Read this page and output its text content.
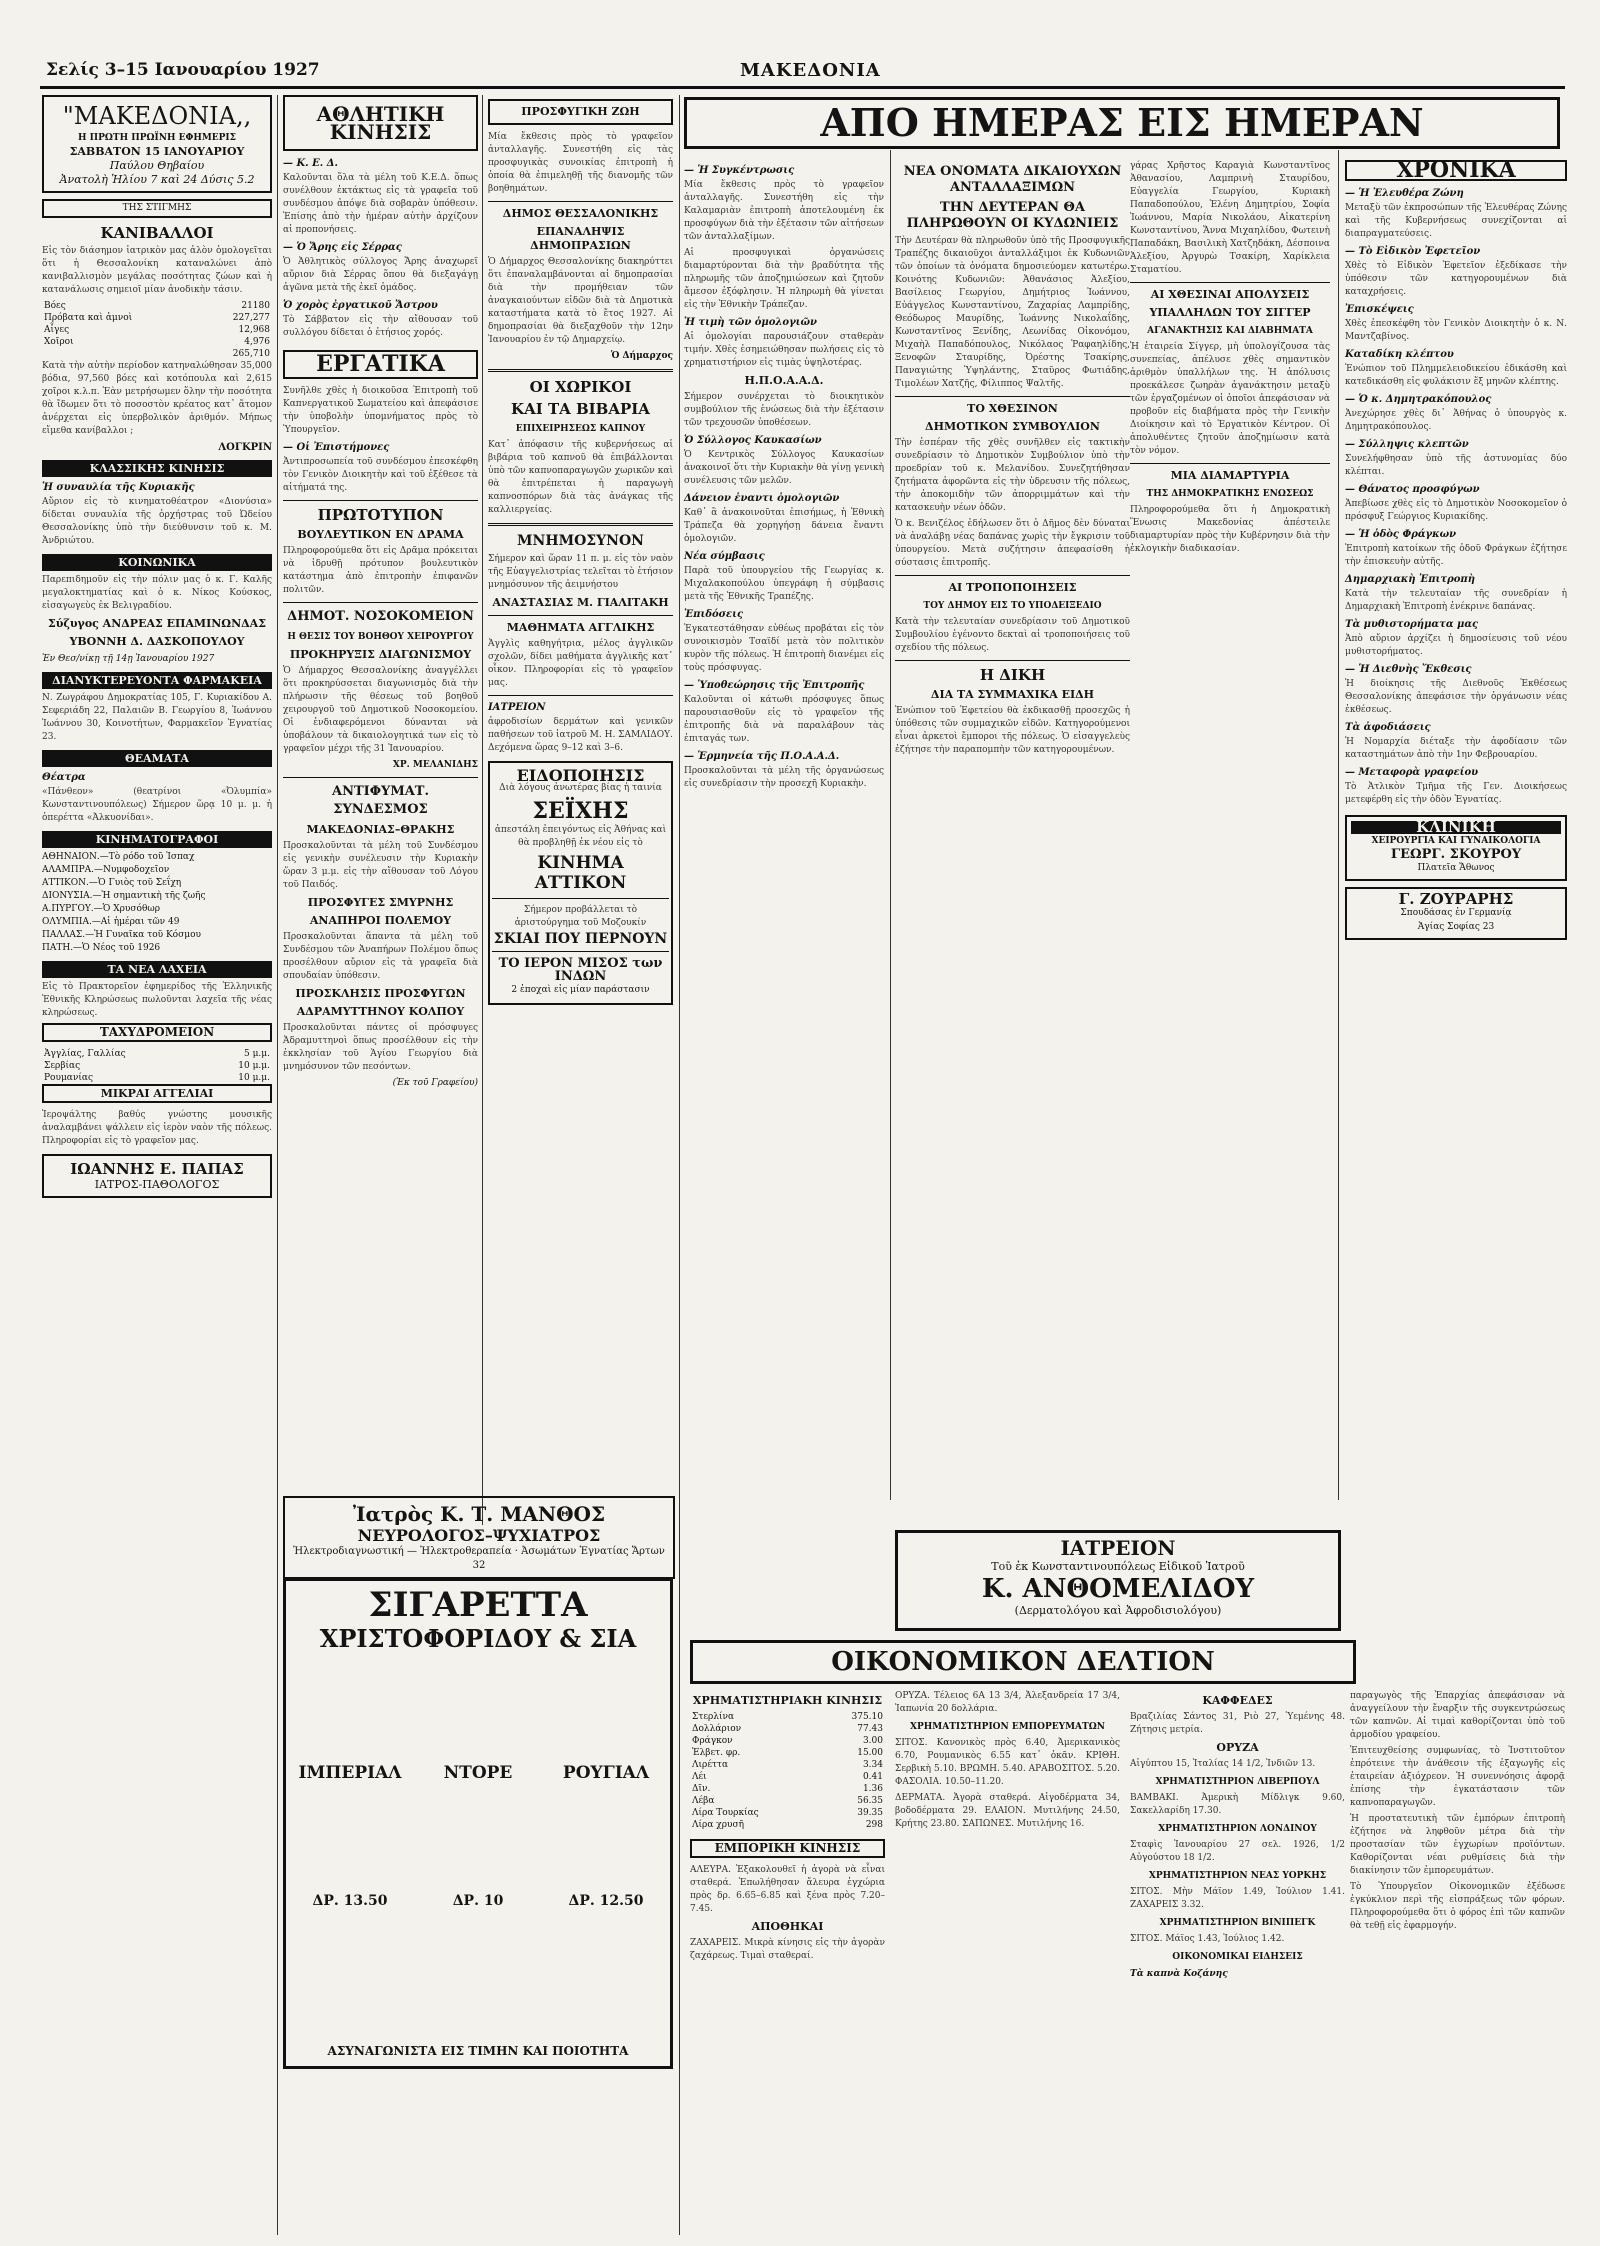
Σελίς 3–15 Ιανουαρίου 1927	ΜΑΚΕΔΟΝΙΑ
"ΜΑΚΕΔΟΝΙΑ,,
Η ΠΡΩΤΗ ΠΡΩΪΝΗ ΕΦΗΜΕΡΙΣ
ΣΑΒΒΑΤΟΝ 15 ΙΑΝΟΥΑΡΙΟΥ
Παύλου Θηβαίου
Ἀνατολὴ Ἡλίου 7 καὶ 24 Δύσις 5.2
ΤΗΣ ΣΤΙΓΜΗΣ
ΚΑΝΙΒΑΛΛΟΙ

Εἰς τὸν διάσημον ἰατρικὸν μας ἀλὸν ὁμολογεῖται ὅτι ἡ Θεσσαλονίκη καταναλώνει ἀπὸ κανιβαλλισμὸν μεγάλας ποσότητας ζώων καὶ ἡ κατανάλωσις σημειοῖ μίαν ἀνοδικὴν τάσιν.

Βόες	21180
Πρόβατα καὶ ἀμνοὶ	227,277
Αἶγες	12,968
Χοῖροι	4,976
	265,710

Κατὰ τὴν αὐτὴν περίοδον κατηναλώθησαν 35,000 βόδια, 97,560 βόες καὶ κοτόπουλα καὶ 2,615 χοῖροι κ.λ.π. Ἐὰν μετρήσωμεν ὅλην τὴν ποσότητα θὰ ἴδωμεν ὅτι τὸ ποσοστὸν κρέατος κατ᾽ ἄτομον ἀνέρχεται εἰς ὑπερβολικὸν ἀριθμόν. Μήπως εἴμεθα κανίβαλλοι ;

ΛΟΓΚΡΙΝ
ΚΛΑΣΣΙΚΗΣ ΚΙΝΗΣΙΣ
Ἡ συναυλία τῆς Κυριακῆς

Αὔριον εἰς τὸ κινηματοθέατρον «Διονύσια» δίδεται συναυλία τῆς ὀρχήστρας τοῦ Ὠδείου Θεσσαλονίκης ὑπὸ τὴν διεύθυνσιν τοῦ κ. Μ. Ἀνδριώτου.

ΚΟΙΝΩΝΙΚΑ

Παρεπιδημοῦν εἰς τὴν πόλιν μας ὁ κ. Γ. Καλῆς μεγαλοκτηματίας καὶ ὁ κ. Νίκος Κούσκος, εἰσαγωγεὺς ἐκ Βελιγραδίου.

Σύζυγος ΑΝΔΡΕΑΣ ΕΠΑΜΙΝΩΝΔΑΣ
ΥΒΟΝΝΗ Δ. ΔΑΣΚΟΠΟΥΛΟΥ
Ἐν Θεσ/νίκῃ τῇ 14ῃ Ἰανουαρίου 1927
ΔΙΑΝΥΚΤΕΡΕΥΟΝΤΑ ΦΑΡΜΑΚΕΙΑ

Ν. Ζωγράφου Δημοκρατίας 105, Γ. Κυριακίδου Α. Σεφεριάδη 22, Παλαιῶν Β. Γεωργίου 8, Ἰωάννου Ἰωάννου 30, Κοινοτήτων, Φαρμακεῖον Ἐγνατίας 23.

ΘΕΑΜΑΤΑ
Θέατρα

«Πάνθεον» (θεατρίνοι «Ὀλυμπία» Κωνσταντινουπόλεως) Σήμερον ὥρᾳ 10 μ. μ. ἡ ὀπερέττα «Ἀλκυονίδαι».

ΚΙΝΗΜΑΤΟΓΡΑΦΟΙ
ΑΘΗΝΑΙΟΝ.—Τὸ ρόδο τοῦ Ἰσπαχ
ΑΛΑΜΠΡΑ.—Νυμφοδοχεῖον
ΑΤΤΙΚΟΝ.—Ὁ Γυιὸς τοῦ Σεΐχη
ΔΙΟΝΥΣΙΑ.—Ἡ σημαντικὴ τῆς ζωῆς
Α.ΠΥΡΓΟΥ.—Ὁ Χρυσόθωρ
ΟΛΥΜΠΙΑ.—Αἱ ἡμέραι τῶν 49
ΠΑΛΛΑΣ.—Ἡ Γυναῖκα τοῦ Κόσμου
ΠΑΤΗ.—Ὁ Νέος τοῦ 1926
ΤΑ ΝΕΑ ΛΑΧΕΙΑ

Εἰς τὸ Πρακτορεῖον ἐφημερίδος τῆς Ἑλληνικῆς Ἐθνικῆς Κληρώσεως πωλοῦνται λαχεῖα τῆς νέας κληρώσεως.

ΤΑΧΥΔΡΟΜΕΙΟΝ
Ἀγγλίας, Γαλλίας	5 μ.μ.
Σερβίας	10 μ.μ.
Ρουμανίας	10 μ.μ.
ΜΙΚΡΑΙ ΑΓΓΕΛΙΑΙ

Ἱεροψάλτης βαθύς γνώστης μουσικῆς ἀναλαμβάνει ψάλλειν εἰς ἱερὸν ναὸν τῆς πόλεως. Πληροφορίαι εἰς τὸ γραφεῖον μας.

ΙΩΑΝΝΗΣ Ε. ΠΑΠΑΣ
ΙΑΤΡΟΣ-ΠΑΘΟΛΟΓΟΣ
ΑΘΛΗΤΙΚΗ ΚΙΝΗΣΙΣ
— Κ. Ε. Δ.

Καλοῦνται ὅλα τὰ μέλη τοῦ Κ.Ε.Δ. ὅπως συνέλθουν ἐκτάκτως εἰς τὰ γραφεῖα τοῦ συνδέσμου ἀπόψε διὰ σοβαρὰν ὑπόθεσιν. Ἐπίσης ἀπὸ τὴν ἡμέραν αὐτὴν ἀρχίζουν αἱ προπονήσεις.

— Ὁ Ἄρης εἰς Σέρρας

Ὁ Ἀθλητικὸς σύλλογος Ἄρης ἀναχωρεῖ αὔριον διὰ Σέρρας ὅπου θὰ διεξαγάγῃ ἀγῶνα μετὰ τῆς ἐκεῖ ὁμάδος.

Ὁ χορὸς ἐργατικοῦ Ἄστρου

Τὸ Σάββατον εἰς τὴν αἴθουσαν τοῦ συλλόγου δίδεται ὁ ἐτήσιος χορός.

ΕΡΓΑΤΙΚΑ

Συνῆλθε χθὲς ἡ διοικοῦσα Ἐπιτροπὴ τοῦ Καπνεργατικοῦ Σωματείου καὶ ἀπεφάσισε τὴν ὑποβολὴν ὑπομνήματος πρὸς τὸ Ὑπουργεῖον.

— Οἱ Ἐπιστήμονες

Ἀντιπροσωπεία τοῦ συνδέσμου ἐπεσκέφθη τὸν Γενικὸν Διοικητὴν καὶ τοῦ ἐξέθεσε τὰ αἰτήματά της.

ΠΡΩΤΟΤΥΠΟΝ
ΒΟΥΛΕΥΤΙΚΟΝ ΕΝ ΔΡΑΜΑ

Πληροφορούμεθα ὅτι εἰς Δρᾶμα πρόκειται νὰ ἱδρυθῇ πρότυπον βουλευτικὸν κατάστημα ἀπὸ ἐπιτροπὴν ἐπιφανῶν πολιτῶν.

ΔΗΜΟΤ. ΝΟΣΟΚΟΜΕΙΟΝ
Η ΘΕΣΙΣ ΤΟΥ ΒΟΗΘΟΥ ΧΕΙΡΟΥΡΓΟΥ
ΠΡΟΚΗΡΥΞΙΣ ΔΙΑΓΩΝΙΣΜΟΥ

Ὁ Δήμαρχος Θεσσαλονίκης ἀναγγέλλει ὅτι προκηρύσσεται διαγωνισμὸς διὰ τὴν πλήρωσιν τῆς θέσεως τοῦ βοηθοῦ χειρουργοῦ τοῦ Δημοτικοῦ Νοσοκομείου. Οἱ ἐνδιαφερόμενοι δύνανται νὰ ὑποβάλουν τὰ δικαιολογητικά των εἰς τὸ γραφεῖον μέχρι τῆς 31 Ἰανουαρίου.

ΧΡ. ΜΕΛΑΝΙΔΗΣ
ΑΝΤΙΦΥΜΑΤ. ΣΥΝΔΕΣΜΟΣ
ΜΑΚΕΔΟΝΙΑΣ–ΘΡΑΚΗΣ

Προσκαλοῦνται τὰ μέλη τοῦ Συνδέσμου εἰς γενικὴν συνέλευσιν τὴν Κυριακὴν ὥραν 3 μ.μ. εἰς τὴν αἴθουσαν τοῦ Λόγου τοῦ Παιδός.

ΠΡΟΣΦΥΓΕΣ ΣΜΥΡΝΗΣ
ΑΝΑΠΗΡΟΙ ΠΟΛΕΜΟΥ

Προσκαλοῦνται ἅπαντα τὰ μέλη τοῦ Συνδέσμου τῶν Ἀναπήρων Πολέμου ὅπως προσέλθουν αὔριον εἰς τὰ γραφεῖα διὰ σπουδαίαν ὑπόθεσιν.

ΠΡΟΣΚΛΗΣΙΣ ΠΡΟΣΦΥΓΩΝ
ΑΔΡΑΜΥΤΤΗΝΟΥ ΚΟΛΠΟΥ

Προσκαλοῦνται πάντες οἱ πρόσφυγες Ἀδραμυττηνοὶ ὅπως προσέλθουν εἰς τὴν ἐκκλησίαν τοῦ Ἁγίου Γεωργίου διὰ μνημόσυνον τῶν πεσόντων.

(Ἐκ τοῦ Γραφείου)
ΠΡΟΣΦΥΓΙΚΗ ΖΩΗ

Μία ἔκθεσις πρὸς τὸ γραφεῖον ἀνταλλαγῆς. Συνεστήθη εἰς τὰς προσφυγικὰς συνοικίας ἐπιτροπὴ ἡ ὁποία θὰ ἐπιμεληθῇ τῆς διανομῆς τῶν βοηθημάτων.

ΔΗΜΟΣ ΘΕΣΣΑΛΟΝΙΚΗΣ
ΕΠΑΝΑΛΗΨΙΣ ΔΗΜΟΠΡΑΣΙΩΝ

Ὁ Δήμαρχος Θεσσαλονίκης διακηρύττει ὅτι ἐπαναλαμβάνονται αἱ δημοπρασίαι διὰ τὴν προμήθειαν τῶν ἀναγκαιούντων εἰδῶν διὰ τὰ Δημοτικὰ καταστήματα κατὰ τὸ ἔτος 1927. Αἱ δημοπρασίαι θὰ διεξαχθοῦν τὴν 12ην Ἰανουαρίου ἐν τῷ Δημαρχείῳ.

Ὁ Δήμαρχος
ΟΙ ΧΩΡΙΚΟΙ
ΚΑΙ ΤΑ ΒΙΒΑΡΙΑ
ΕΠΙΧΕΙΡΗΣΕΩΣ ΚΑΠΝΟΥ

Κατ᾽ ἀπόφασιν τῆς κυβερνήσεως αἱ βιβάρια τοῦ καπνοῦ θὰ ἐπιβάλλονται ὑπὸ τῶν καπνοπαραγωγῶν χωρικῶν καὶ θὰ ἐπιτρέπεται ἡ παραγωγὴ καπνοσπόρων διὰ τὰς ἀνάγκας τῆς καλλιεργείας.

ΜΝΗΜΟΣΥΝΟΝ

Σήμερον καὶ ὥραν 11 π. μ. εἰς τὸν ναὸν τῆς Εὐαγγελιστρίας τελεῖται τὸ ἐτήσιον μνημόσυνον τῆς ἀειμνήστου

ΑΝΑΣΤΑΣΙΑΣ Μ. ΓΙΑΛΙΤΑΚΗ
ΜΑΘΗΜΑΤΑ ΑΓΓΛΙΚΗΣ

Ἀγγλὶς καθηγήτρια, μέλος ἀγγλικῶν σχολῶν, δίδει μαθήματα ἀγγλικῆς κατ᾽ οἶκον. Πληροφορίαι εἰς τὸ γραφεῖον μας.

ΙΑΤΡΕΙΟΝ

ἀφροδισίων δερμάτων καὶ γενικῶν παθήσεων τοῦ ἰατροῦ Μ. Η. ΣΑΜΛΙΔΟΥ. Δεχόμενα ὥρας 9–12 καὶ 3–6.

ΕΙΔΟΠΟΙΗΣΙΣ

Διὰ λόγους ἀνωτέρας βίας ἡ ταινία

ΣΕΪΧΗΣ

ἀπεστάλη ἐπειγόντως εἰς Ἀθήνας καὶ θὰ προβληθῇ ἐκ νέου εἰς τὸ

ΚΙΝΗΜΑ ΑΤΤΙΚΟΝ

Σήμερον προβάλλεται τὸ ἀριστούργημα τοῦ Μοζουκίν

ΣΚΙΑΙ ΠΟΥ ΠΕΡΝΟΥΝ
ΤΟ ΙΕΡΟΝ ΜΙΣΟΣ των ΙΝΔΩΝ
2 ἐποχαὶ εἰς μίαν παράστασιν
Ἰατρὸς Κ. Τ. ΜΑΝΘΟΣ
ΝΕΥΡΟΛΟΓΟΣ–ΨΥΧΙΑΤΡΟΣ
Ἠλεκτροδιαγνωστική — Ἠλεκτροθεραπεία · Ἀσωμάτων Ἐγνατίας Ἄρτων 32
ΣΙΓΑΡΕΤΤΑ
ΧΡΙΣΤΟΦΟΡΙΔΟΥ & ΣΙΑ
ΙΜΠΕΡΙΑΛ
ΔΡ. 13.50
ΝΤΟΡΕ
ΔΡ. 10
ΡΟΥΓΙΑΛ
ΔΡ. 12.50
ΑΣΥΝΑΓΩΝΙΣΤΑ ΕΙΣ ΤΙΜΗΝ ΚΑΙ ΠΟΙΟΤΗΤΑ
ΑΠΟ ΗΜΕΡΑΣ ΕΙΣ ΗΜΕΡΑΝ
— Ἡ Συγκέντρωσις

Μία ἔκθεσις πρὸς τὸ γραφεῖον ἀνταλλαγῆς. Συνεστήθη εἰς τὴν Καλαμαριὰν ἐπιτροπὴ ἀποτελουμένη ἐκ προσφύγων διὰ τὴν ἐξέτασιν τῶν αἰτήσεων τῶν ἀνταλλαξίμων.

Αἱ προσφυγικαὶ ὀργανώσεις διαμαρτύρονται διὰ τὴν βραδύτητα τῆς πληρωμῆς τῶν ἀποζημιώσεων καὶ ζητοῦν ἄμεσον ἐξόφλησιν. Ἡ πληρωμὴ θὰ γίνεται εἰς τὴν Ἐθνικὴν Τράπεζαν.

Ἡ τιμὴ τῶν ὁμολογιῶν

Αἱ ὁμολογίαι παρουσιάζουν σταθερὰν τιμήν. Χθὲς ἐσημειώθησαν πωλήσεις εἰς τὸ χρηματιστήριον εἰς τιμὰς ὑψηλοτέρας.

Η.Π.Ο.Α.Α.Δ.

Σήμερον συνέρχεται τὸ διοικητικὸν συμβούλιον τῆς ἑνώσεως διὰ τὴν ἐξέτασιν τῶν τρεχουσῶν ὑποθέσεων.

Ὁ Σύλλογος Καυκασίων

Ὁ Κεντρικὸς Σύλλογος Καυκασίων ἀνακοινοῖ ὅτι τὴν Κυριακὴν θὰ γίνῃ γενικὴ συνέλευσις τῶν μελῶν.

Δάνειον ἐναντι ὁμολογιῶν

Καθ᾽ ἃ ἀνακοινοῦται ἐπισήμως, ἡ Ἐθνικὴ Τράπεζα θὰ χορηγήσῃ δάνεια ἔναντι ὁμολογιῶν.

Νέα σύμβασις

Παρὰ τοῦ ὑπουργείου τῆς Γεωργίας κ. Μιχαλακοπούλου ὑπεγράφη ἡ σύμβασις μετὰ τῆς Ἐθνικῆς Τραπέζης.

Ἐπιδόσεις

Ἐγκατεστάθησαν εὐθέως προβάται εἰς τὸν συνοικισμὸν Τσαϊδί μετὰ τὸν πολιτικὸν κυρὸν τῆς πόλεως. Ἡ ἐπιτροπὴ διανέμει εἰς τοὺς πρόσφυγας.

— Ὑποθεώρησις τῆς Ἐπιτροπῆς

Καλοῦνται οἱ κάτωθι πρόσφυγες ὅπως παρουσιασθοῦν εἰς τὸ γραφεῖον τῆς ἐπιτροπῆς διὰ νὰ παραλάβουν τὰς ἐπιταγάς των.

— Ἑρμηνεία τῆς Π.Ο.Α.Α.Δ.

Προσκαλοῦνται τὰ μέλη τῆς ὀργανώσεως εἰς συνεδρίασιν τὴν προσεχῆ Κυριακὴν.

ΝΕΑ ΟΝΟΜΑΤΑ ΔΙΚΑΙΟΥΧΩΝ ΑΝΤΑΛΛΑΞΙΜΩΝ
ΤΗΝ ΔΕΥΤΕΡΑΝ ΘΑ ΠΛΗΡΩΘΟΥΝ ΟΙ ΚΥΔΩΝΙΕΙΣ

Τὴν Δευτέραν θὰ πληρωθοῦν ὑπὸ τῆς Προσφυγικῆς Τραπέζης δικαιοῦχοι ἀνταλλάξιμοι ἐκ Κυδωνιῶν τῶν ὁποίων τὰ ὀνόματα δημοσιεύομεν κατωτέρω. Κοινότης Κυδωνιῶν: Ἀθανάσιος Ἀλεξίου, Βασίλειος Γεωργίου, Δημήτριος Ἰωάννου, Εὐάγγελος Κωνσταντίνου, Ζαχαρίας Λαμπρίδης, Θεόδωρος Μαυρίδης, Ἰωάννης Νικολαΐδης, Κωνσταντῖνος Ξενίδης, Λεωνίδας Οἰκονόμου, Μιχαὴλ Παπαδόπουλος, Νικόλαος Ῥαφαηλίδης, Ξενοφῶν Σταυρίδης, Ὀρέστης Τσακίρης, Παναγιώτης Ὑψηλάντης, Σταῦρος Φωτιάδης, Τιμολέων Χατζῆς, Φίλιππος Ψαλτῆς.

ΤΟ ΧΘΕΣΙΝΟΝ
ΔΗΜΟΤΙΚΟΝ ΣΥΜΒΟΥΛΙΟΝ

Τὴν ἑσπέραν τῆς χθὲς συνῆλθεν εἰς τακτικὴν συνεδρίασιν τὸ Δημοτικὸν Συμβούλιον ὑπὸ τὴν προεδρίαν τοῦ κ. Μελανίδου. Συνεζητήθησαν ζητήματα ἀφορῶντα εἰς τὴν ὑδρευσιν τῆς πόλεως, τὴν ἀποκομιδὴν τῶν ἀπορριμμάτων καὶ τὴν κατασκευὴν νέων ὁδῶν.

Ὁ κ. Βενιζέλος ἐδήλωσεν ὅτι ὁ Δῆμος δὲν δύναται νὰ ἀναλάβῃ νέας δαπάνας χωρὶς τὴν ἔγκρισιν τοῦ ὑπουργείου. Μετὰ συζήτησιν ἀπεφασίσθη ἡ σύστασις ἐπιτροπῆς.

ΑΙ ΤΡΟΠΟΠΟΙΗΣΕΙΣ
ΤΟΥ ΔΗΜΟΥ ΕΙΣ ΤΟ ΥΠΟΔΕΙΞΕΔΙΟ

Κατὰ τὴν τελευταίαν συνεδρίασιν τοῦ Δημοτικοῦ Συμβουλίου ἐγένοντο δεκταὶ αἱ τροποποιήσεις τοῦ σχεδίου τῆς πόλεως.

Η ΔΙΚΗ
ΔΙΑ ΤΑ ΣΥΜΜΑΧΙΚΑ ΕΙΔΗ

Ἐνώπιον τοῦ Ἐφετείου θὰ ἐκδικασθῇ προσεχῶς ἡ ὑπόθεσις τῶν συμμαχικῶν εἰδῶν. Κατηγορούμενοι εἶναι ἀρκετοὶ ἔμποροι τῆς πόλεως. Ὁ εἰσαγγελεὺς ἐζήτησε τὴν παραπομπὴν τῶν κατηγορουμένων.

γάρας Χρῆστος Καραγιὰ Κωνσταντῖνος Ἀθανασίου, Λαμπρινὴ Σταυρίδου, Εὐαγγελία Γεωργίου, Κυριακὴ Παπαδοπούλου, Ἑλένη Δημητρίου, Σοφία Ἰωάννου, Μαρία Νικολάου, Αἰκατερίνη Κωνσταντίνου, Ἄννα Μιχαηλίδου, Φωτεινὴ Παπαδάκη, Βασιλικὴ Χατζηδάκη, Δέσποινα Ἀλεξίου, Ἀργυρὼ Τσακίρη, Χαρίκλεια Σταματίου.

ΑΙ ΧΘΕΣΙΝΑΙ ΑΠΟΛΥΣΕΙΣ
ΥΠΑΛΛΗΛΩΝ ΤΟΥ ΣΙΓΓΕΡ
ΑΓΑΝΑΚΤΗΣΙΣ ΚΑΙ ΔΙΑΒΗΜΑΤΑ

Ἡ ἑταιρεία Σίγγερ, μὴ ὑπολογίζουσα τὰς συνεπείας, ἀπέλυσε χθὲς σημαντικὸν ἀριθμὸν ὑπαλλήλων της. Ἡ ἀπόλυσις προεκάλεσε ζωηρὰν ἀγανάκτησιν μεταξὺ τῶν ἐργαζομένων οἱ ὁποῖοι ἀπεφάσισαν νὰ προβοῦν εἰς διαβήματα πρὸς τὴν Γενικὴν Διοίκησιν καὶ τὸ Ἐργατικὸν Κέντρον. Οἱ ἀπολυθέντες ζητοῦν ἀποζημίωσιν κατὰ τὸν νόμον.

ΜΙΑ ΔΙΑΜΑΡΤΥΡΙΑ
ΤΗΣ ΔΗΜΟΚΡΑΤΙΚΗΣ ΕΝΩΣΕΩΣ

Πληροφορούμεθα ὅτι ἡ Δημοκρατικὴ Ἕνωσις Μακεδονίας ἀπέστειλε διαμαρτυρίαν πρὸς τὴν Κυβέρνησιν διὰ τὴν ἐκλογικὴν διαδικασίαν.

ΧΡΟΝΙΚΑ
— Ἡ Ἐλευθέρα Ζώνη

Μεταξὺ τῶν ἐκπροσώπων τῆς Ἐλευθέρας Ζώνης καὶ τῆς Κυβερνήσεως συνεχίζονται αἱ διαπραγματεύσεις.

— Τὸ Εἰδικὸν Ἐφετεῖον

Χθὲς τὸ Εἰδικὸν Ἐφετεῖον ἐξεδίκασε τὴν ὑπόθεσιν τῶν κατηγορουμένων διὰ καταχρήσεις.

Ἐπισκέψεις

Χθὲς ἐπεσκέφθη τὸν Γενικὸν Διοικητὴν ὁ κ. Ν. Μαντζαβίνος.

Καταδίκη κλέπτου

Ἐνώπιον τοῦ Πλημμελειοδικείου ἐδικάσθη καὶ κατεδικάσθη εἰς φυλάκισιν ἕξ μηνῶν κλέπτης.

— Ὁ κ. Δημητρακόπουλος

Ἀνεχώρησε χθὲς δι᾽ Ἀθήνας ὁ ὑπουργὸς κ. Δημητρακόπουλος.

— Σύλληψις κλεπτῶν

Συνελήφθησαν ὑπὸ τῆς ἀστυνομίας δύο κλέπται.

— Θάνατος προσφύγων

Ἀπεβίωσε χθὲς εἰς τὸ Δημοτικὸν Νοσοκομεῖον ὁ πρόσφυξ Γεώργιος Κυριακίδης.

— Ἡ ὁδὸς Φράγκων

Ἐπιτροπὴ κατοίκων τῆς ὁδοῦ Φράγκων ἐζήτησε τὴν ἐπισκευὴν αὐτῆς.

Δημαρχιακὴ Ἐπιτροπὴ

Κατὰ τὴν τελευταίαν τῆς συνεδρίαν ἡ Δημαρχιακὴ Ἐπιτροπὴ ἐνέκρινε δαπάνας.

Τὰ μυθιστορήματα μας

Ἀπὸ αὔριον ἀρχίζει ἡ δημοσίευσις τοῦ νέου μυθιστορήματος.

— Ἡ Διεθνὴς Ἔκθεσις

Ἡ διοίκησις τῆς Διεθνοῦς Ἐκθέσεως Θεσσαλονίκης ἀπεφάσισε τὴν ὀργάνωσιν νέας ἐκθέσεως.

Τὰ ἀφοδιάσεις

Ἡ Νομαρχία διέταξε τὴν ἀφοδίασιν τῶν καταστημάτων ἀπὸ τὴν 1ην Φεβρουαρίου.

— Μεταφορὰ γραφείου

Τὸ Ἀτλικὸν Τμῆμα τῆς Γεν. Διοικήσεως μετεφέρθη εἰς τὴν ὁδὸν Ἐγνατίας.

ΚΛΙΝΙΚΗ
ΧΕΙΡΟΥΡΓΙΑ ΚΑΙ ΓΥΝΑΙΚΟΛΟΓΙΑ
ΓΕΩΡΓ. ΣΚΟΥΡΟΥ
Πλατεῖα Ἄθωνος
Γ. ΖΟΥΡΑΡΗΣ
Σπουδάσας ἐν Γερμανίᾳ
Ἁγίας Σοφίας 23
ΙΑΤΡΕΙΟΝ
Τοῦ ἐκ Κωνσταντινουπόλεως Εἰδικοῦ Ἰατροῦ
Κ. ΑΝΘΟΜΕΛΙΔΟΥ
(Δερματολόγου καὶ Ἀφροδισιολόγου)
ΟΙΚΟΝΟΜΙΚΟΝ ΔΕΛΤΙΟΝ
ΧΡΗΜΑΤΙΣΤΗΡΙΑΚΗ ΚΙΝΗΣΙΣ
Στερλίνα	375.10
Δολλάριον	77.43
Φράγκον	3.00
Ἑλβετ. φρ.	15.00
Λιρέττα	3.34
Λέι	0.41
Δῖν.	1.36
Λέβα	56.35
Λίρα Τουρκίας	39.35
Λίρα χρυσῆ	298
ΕΜΠΟΡΙΚΗ ΚΙΝΗΣΙΣ

ΑΛΕΥΡΑ. Ἐξακολουθεῖ ἡ ἀγορὰ νὰ εἶναι σταθερά. Ἐπωλήθησαν ἄλευρα ἐγχώρια πρὸς δρ. 6.65–6.85 καὶ ξένα πρὸς 7.20–7.45.

ΑΠΟΘΗΚΑΙ

ΖΑΧΑΡΕΙΣ. Μικρὰ κίνησις εἰς τὴν ἀγορὰν ζαχάρεως. Τιμαὶ σταθεραί.

ΟΡΥΖΑ. Τέλειος 6Α 13 3/4, Ἀλεξανδρεία 17 3/4, Ἰαπωνία 20 δολλάρια.

ΧΡΗΜΑΤΙΣΤΗΡΙΟΝ ΕΜΠΟΡΕΥΜΑΤΩΝ

ΣΙΤΟΣ. Κανονικὸς πρὸς 6.40, Ἀμερικανικὸς 6.70, Ρουμανικὸς 6.55 κατ᾽ ὀκᾶν. ΚΡΙΘΗ. Σερβικὴ 5.10. ΒΡΩΜΗ. 5.40. ΑΡΑΒΟΣΙΤΟΣ. 5.20. ΦΑΣΟΛΙΑ. 10.50–11.20.

ΔΕΡΜΑΤΑ. Ἀγορὰ σταθερά. Αἰγοδέρματα 34, βοδοδέρματα 29. ΕΛΑΙΟΝ. Μυτιλήνης 24.50, Κρήτης 23.80. ΣΑΠΩΝΕΣ. Μυτιλήνης 16.

ΚΑΦΦΕΔΕΣ

Βραζιλίας Σάντος 31, Ριὸ 27, Ὑεμένης 48. Ζήτησις μετρία.

ΟΡΥΖΑ

Αἰγύπτου 15, Ἰταλίας 14 1/2, Ἰνδιῶν 13.

ΧΡΗΜΑΤΙΣΤΗΡΙΟΝ ΛΙΒΕΡΠΟΥΛ

ΒΑΜΒΑΚΙ. Ἀμερικὴ Μίδλιγκ 9.60, Σακελλαρίδη 17.30.

ΧΡΗΜΑΤΙΣΤΗΡΙΟΝ ΛΟΝΔΙΝΟΥ

Σταφὶς Ἰανουαρίου 27 σελ. 1926, 1/2 Αὐγούστου 18 1/2.

ΧΡΗΜΑΤΙΣΤΗΡΙΟΝ ΝΕΑΣ ΥΟΡΚΗΣ

ΣΙΤΟΣ. Μὴν Μάϊον 1.49, Ἰούλιον 1.41. ΖΑΧΑΡΕΙΣ 3.32.

ΧΡΗΜΑΤΙΣΤΗΡΙΟΝ ΒΙΝΙΠΕΓΚ

ΣΙΤΟΣ. Μάϊος 1.43, Ἰούλιος 1.42.

ΟΙΚΟΝΟΜΙΚΑΙ ΕΙΔΗΣΕΙΣ
Τὰ καπνὰ Κοζάνης

παραγωγὸς τῆς Ἐπαρχίας ἀπεφάσισαν νὰ ἀναγγείλουν τὴν ἔναρξιν τῆς συγκεντρώσεως τῶν καπνῶν. Αἱ τιμαὶ καθορίζονται ὑπὸ τοῦ ἀρμοδίου γραφείου.

Ἐπιτευχθείσης συμφωνίας, τὸ Ἰνστιτοῦτον ἐπρότεινε τὴν ἀνάθεσιν τῆς ἐξαγωγῆς εἰς ἑταιρείαν ἀξιόχρεον. Ἡ συνεννόησις ἀφορᾷ ἐπίσης τὴν ἐγκατάστασιν τῶν καπνοπαραγωγῶν.

Ἡ προστατευτικὴ τῶν ἐμπόρων ἐπιτροπὴ ἐζήτησε νὰ ληφθοῦν μέτρα διὰ τὴν προστασίαν τῶν ἐγχωρίων προϊόντων. Καθορίζονται νέαι ρυθμίσεις διὰ τὴν διακίνησιν τῶν ἐμπορευμάτων.

Τὸ Ὑπουργεῖον Οἰκονομικῶν ἐξέδωσε ἐγκύκλιον περὶ τῆς εἰσπράξεως τῶν φόρων. Πληροφορούμεθα ὅτι ὁ φόρος ἐπὶ τῶν καπνῶν θὰ τεθῇ εἰς ἐφαρμογήν.
